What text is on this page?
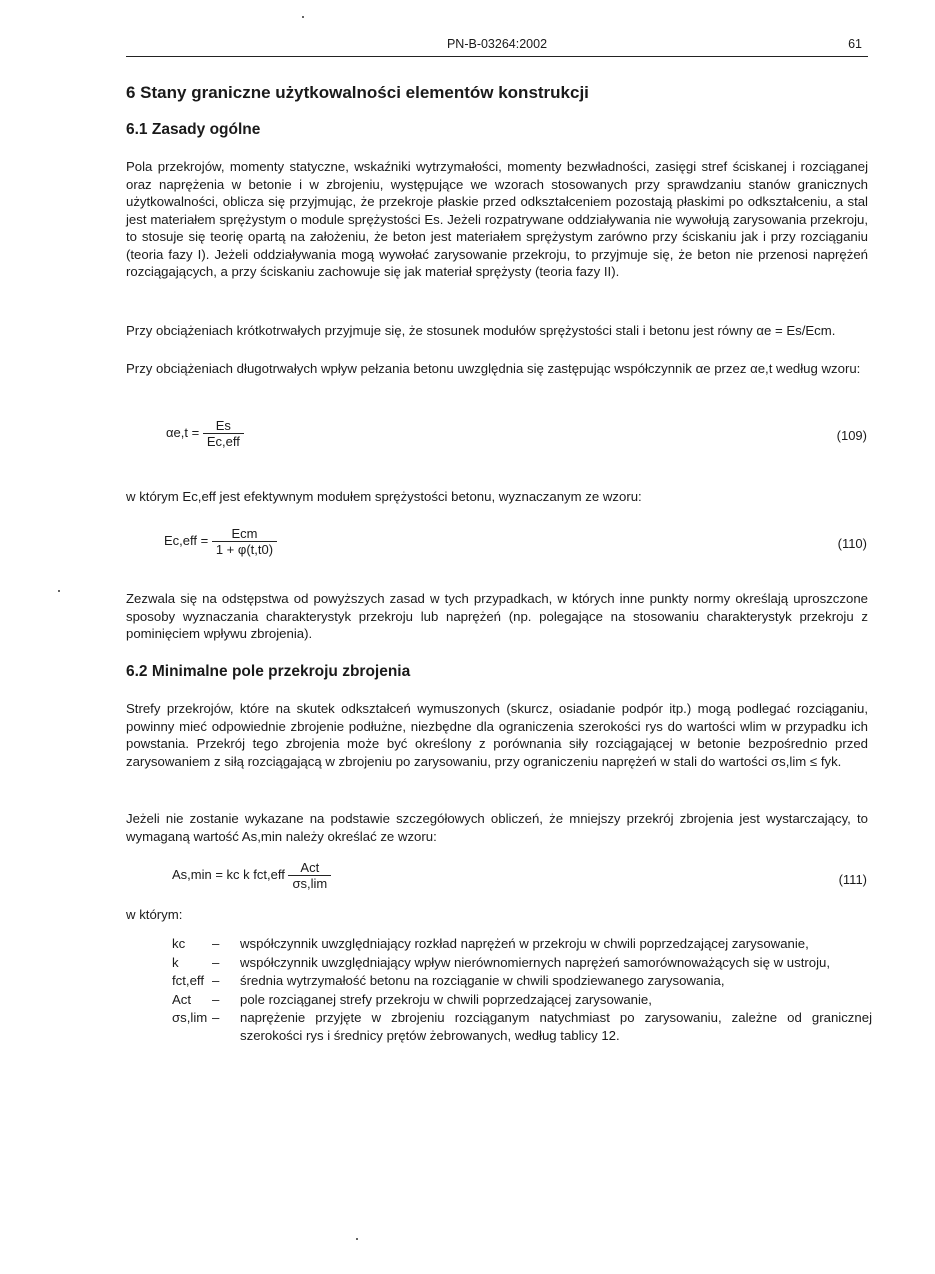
PN-B-03264:2002	61
6 Stany graniczne użytkowalności elementów konstrukcji
6.1 Zasady ogólne

Pola przekrojów, momenty statyczne, wskaźniki wytrzymałości, momenty bezwładności, zasięgi stref ściskanej i rozciąganej oraz naprężenia w betonie i w zbrojeniu, występujące we wzorach stosowanych przy sprawdzaniu stanów granicznych użytkowalności, oblicza się przyjmując, że przekroje płaskie przed odkształceniem pozostają płaskimi po odkształceniu, a stal jest materiałem sprężystym o module sprężystości Es. Jeżeli rozpatrywane oddziaływania nie wywołują zarysowania przekroju, to stosuje się teorię opartą na założeniu, że beton jest materiałem sprężystym zarówno przy ściskaniu jak i przy rozciąganiu (teoria fazy I). Jeżeli oddziaływania mogą wywołać zarysowanie przekroju, to przyjmuje się, że beton nie przenosi naprężeń rozciągających, a przy ściskaniu zachowuje się jak materiał sprężysty (teoria fazy II).

Przy obciążeniach krótkotrwałych przyjmuje się, że stosunek modułów sprężystości stali i betonu jest równy αe = Es/Ecm.

Przy obciążeniach długotrwałych wpływ pełzania betonu uwzględnia się zastępując współczynnik αe przez αe,t według wzoru:

$\alpha e,t = \frac{Es}{\text{Ec,eff}}$	(109)

w którym Ec,eff jest efektywnym modułem sprężystości betonu, wyznaczanym ze wzoru:

$Ec,eff = \frac{\text{Ecm}}{1 + \varphi(t,t0)}$	(110)

Zezwala się na odstępstwa od powyższych zasad w tych przypadkach, w których inne punkty normy określają uproszczone sposoby wyznaczania charakterystyk przekroju lub naprężeń (np. polegające na stosowaniu charakterystyk przekroju z pominięciem wpływu zbrojenia).

6.2 Minimalne pole przekroju zbrojenia

Strefy przekrojów, które na skutek odkształceń wymuszonych (skurcz, osiadanie podpór itp.) mogą podlegać rozciąganiu, powinny mieć odpowiednie zbrojenie podłużne, niezbędne dla ograniczenia szerokości rys do wartości wlim w przypadku ich powstania. Przekrój tego zbrojenia może być określony z porównania siły rozciągającej w betonie bezpośrednio przed zarysowaniem z siłą rozciągającą w zbrojeniu po zarysowaniu, przy ograniczeniu naprężeń w stali do wartości σs,lim ≤ fyk.

Jeżeli nie zostanie wykazane na podstawie szczegółowych obliczeń, że mniejszy przekrój zbrojenia jest wystarczający, to wymaganą wartość As,min należy określać ze wzoru:

As,min = kc k $fct,eff \frac{\text{Act}}{\sigma s,\lim}$	(111)
w którym:
kc	– współczynnik uwzględniający rozkład naprężeń w przekroju w chwili poprzedzającej zarysowanie,
k	– współczynnik uwzględniający wpływ nierównomiernych naprężeń samorównoważących się w ustroju,
fct,eff – średnia wytrzymałość betonu na rozciąganie w chwili spodziewanego zarysowania,
Act	– pole rozciąganej strefy przekroju w chwili poprzedzającej zarysowanie,
σs,lim – naprężenie przyjęte w zbrojeniu rozciąganym natychmiast po zarysowaniu, zależne od granicznej szerokości rys i średnicy prętów żebrowanych, według tablicy 12.
